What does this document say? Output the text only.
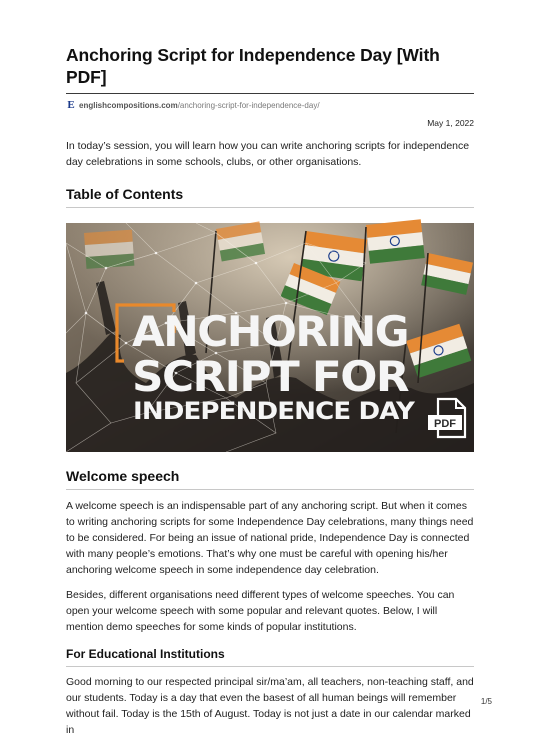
Anchoring Script for Independence Day [With PDF]
E englishcompositions.com/anchoring-script-for-independence-day/
May 1, 2022

In today’s session, you will learn how you can write anchoring scripts for independence day celebrations in some schools, clubs, or other organisations.

Table of Contents
ANCHORING
SCRIPT FOR
INDEPENDENCE DAY PDF
Welcome speech

A welcome speech is an indispensable part of any anchoring script. But when it comes to writing anchoring scripts for some Independence Day celebrations, many things need to be considered. For being an issue of national pride, Independence Day is connected with many people’s emotions. That’s why one must be careful with opening his/her anchoring welcome speech in some independence day celebration.

Besides, different organisations need different types of welcome speeches. You can open your welcome speech with some popular and relevant quotes. Below, I will mention demo speeches for some kinds of popular institutions.

For Educational Institutions

Good morning to our respected principal sir/ma’am, all teachers, non-teaching staff, and our students. Today is a day that even the basest of all human beings will remember without fail. Today is the 15th of August. Today is not just a date in our calendar marked in

1/5
